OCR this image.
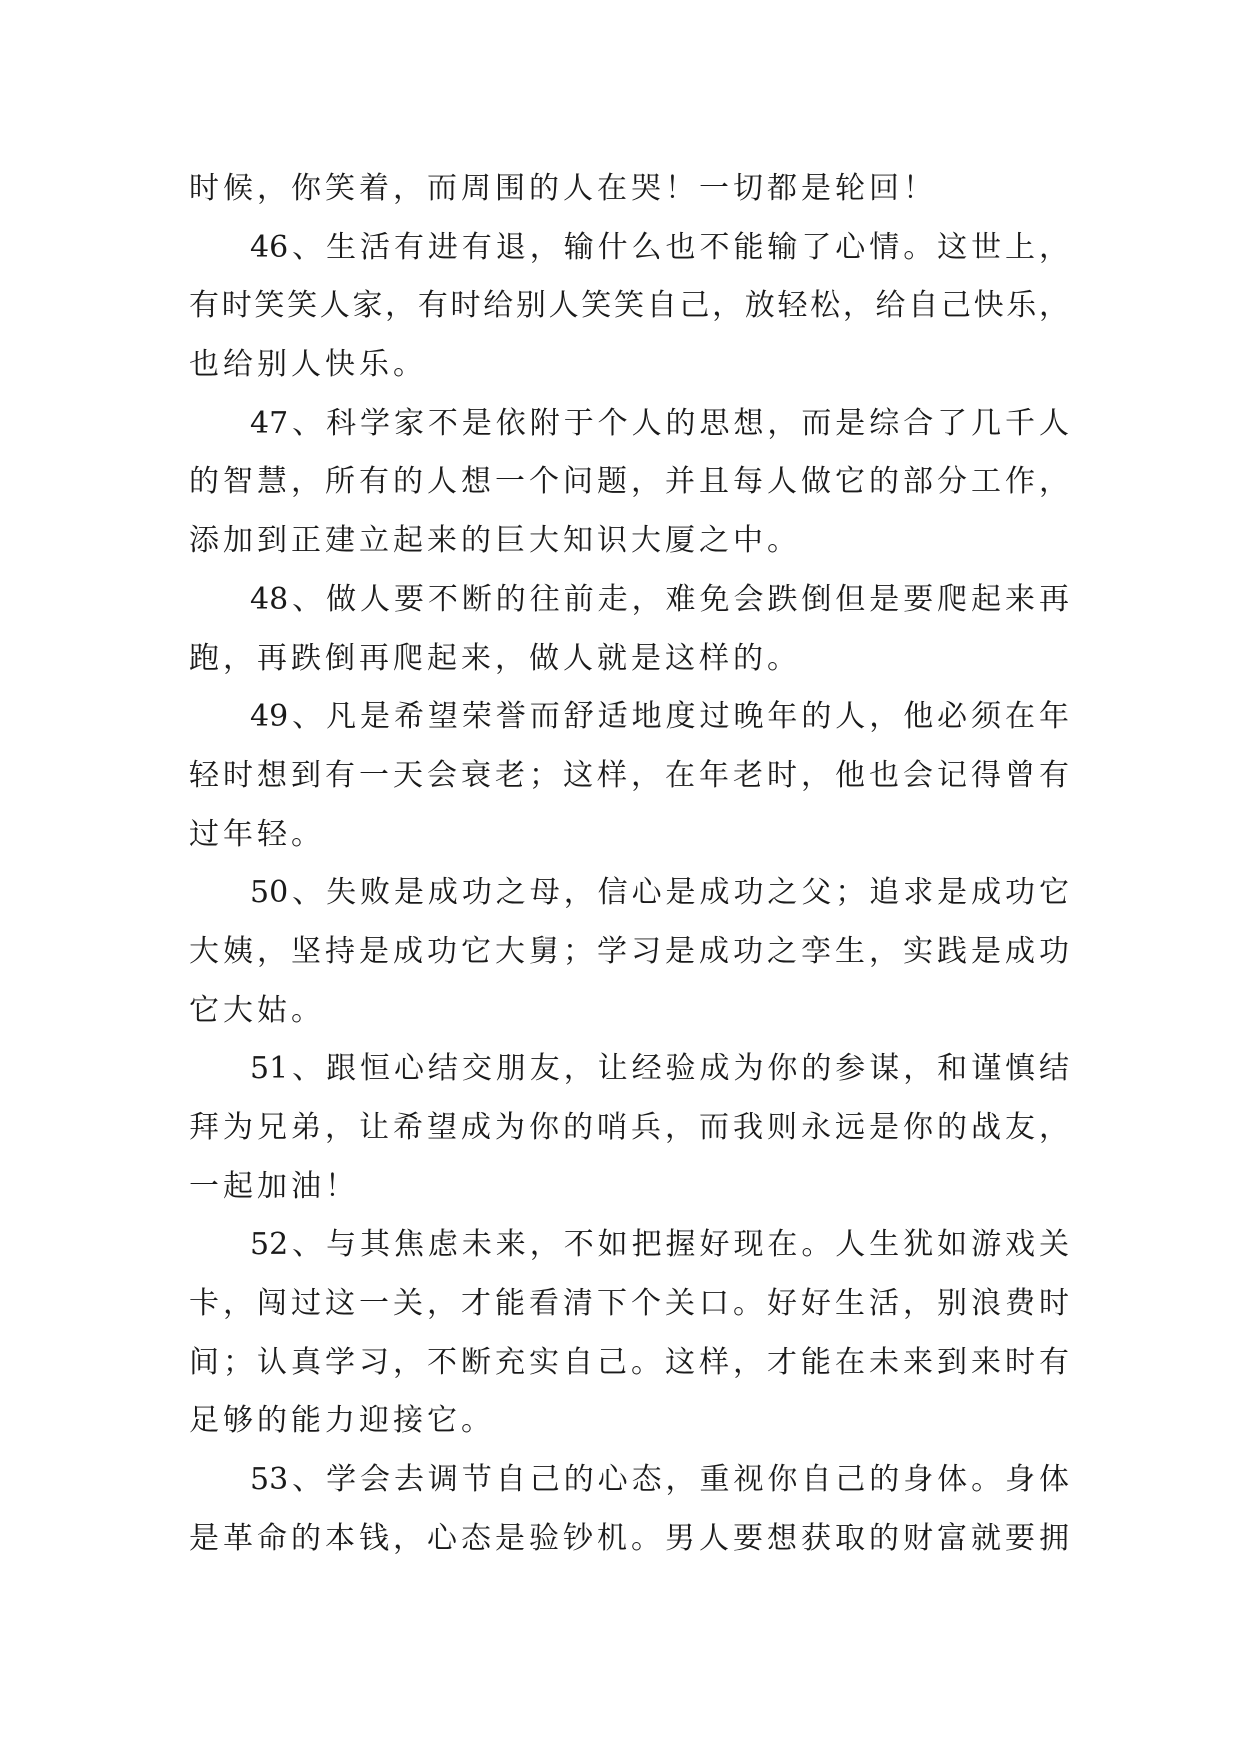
时候，你笑着，而周围的人在哭！一切都是轮回！
46、生活有进有退，输什么也不能输了心情。这世上，
有时笑笑人家，有时给别人笑笑自己，放轻松，给自己快乐，
也给别人快乐。
47、科学家不是依附于个人的思想，而是综合了几千人
的智慧，所有的人想一个问题，并且每人做它的部分工作，
添加到正建立起来的巨大知识大厦之中。
48、做人要不断的往前走，难免会跌倒但是要爬起来再
跑，再跌倒再爬起来，做人就是这样的。
49、凡是希望荣誉而舒适地度过晚年的人，他必须在年
轻时想到有一天会衰老；这样，在年老时，他也会记得曾有
过年轻。
50、失败是成功之母，信心是成功之父；追求是成功它
大姨，坚持是成功它大舅；学习是成功之孪生，实践是成功
它大姑。
51、跟恒心结交朋友，让经验成为你的参谋，和谨慎结
拜为兄弟，让希望成为你的哨兵，而我则永远是你的战友，
一起加油！
52、与其焦虑未来，不如把握好现在。人生犹如游戏关
卡，闯过这一关，才能看清下个关口。好好生活，别浪费时
间；认真学习，不断充实自己。这样，才能在未来到来时有
足够的能力迎接它。
53、学会去调节自己的心态，重视你自己的身体。身体
是革命的本钱，心态是验钞机。男人要想获取的财富就要拥
